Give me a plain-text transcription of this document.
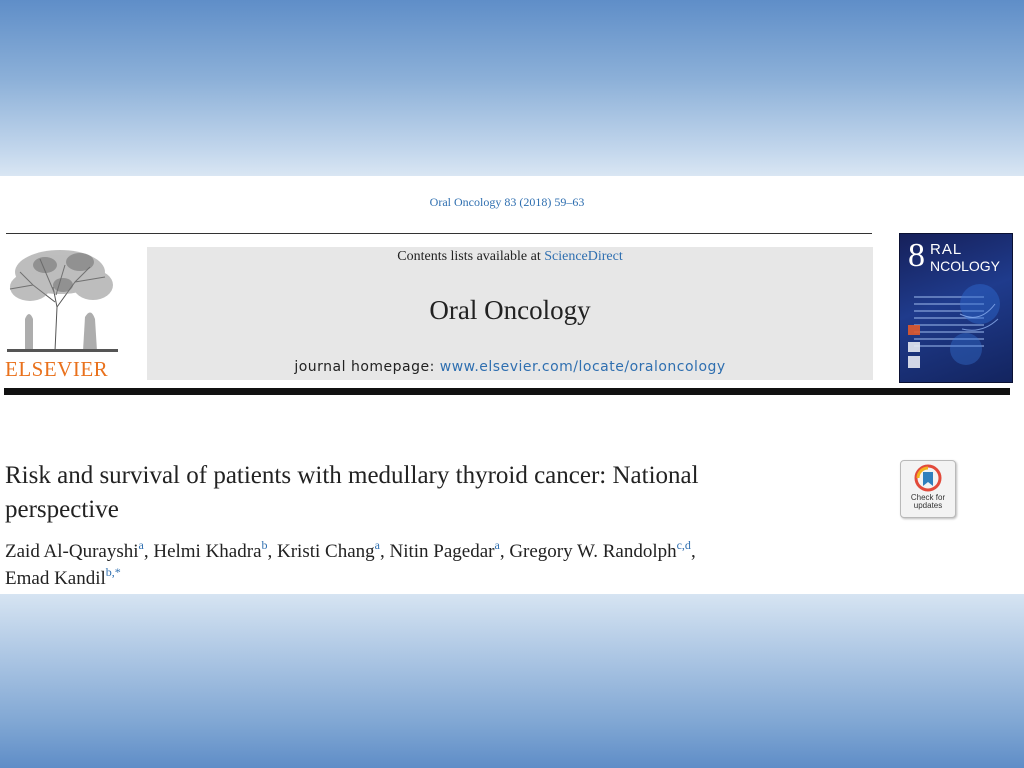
Oral Oncology 83 (2018) 59–63
ELSEVIER
Contents lists available at ScienceDirect
Oral Oncology
journal homepage: www.elsevier.com/locate/oraloncology
8 RAL
NCOLOGY
Risk and survival of patients with medullary thyroid cancer: National
perspective
Zaid Al-Qurayshi$^a$, Helmi Khadra$^b$, Kristi Chang$^a$, Nitin Pagedar$^a$, Gregory W. Randolph$^{c,d}$,
Emad Kandil$^{b,*}$
Check for
updates
